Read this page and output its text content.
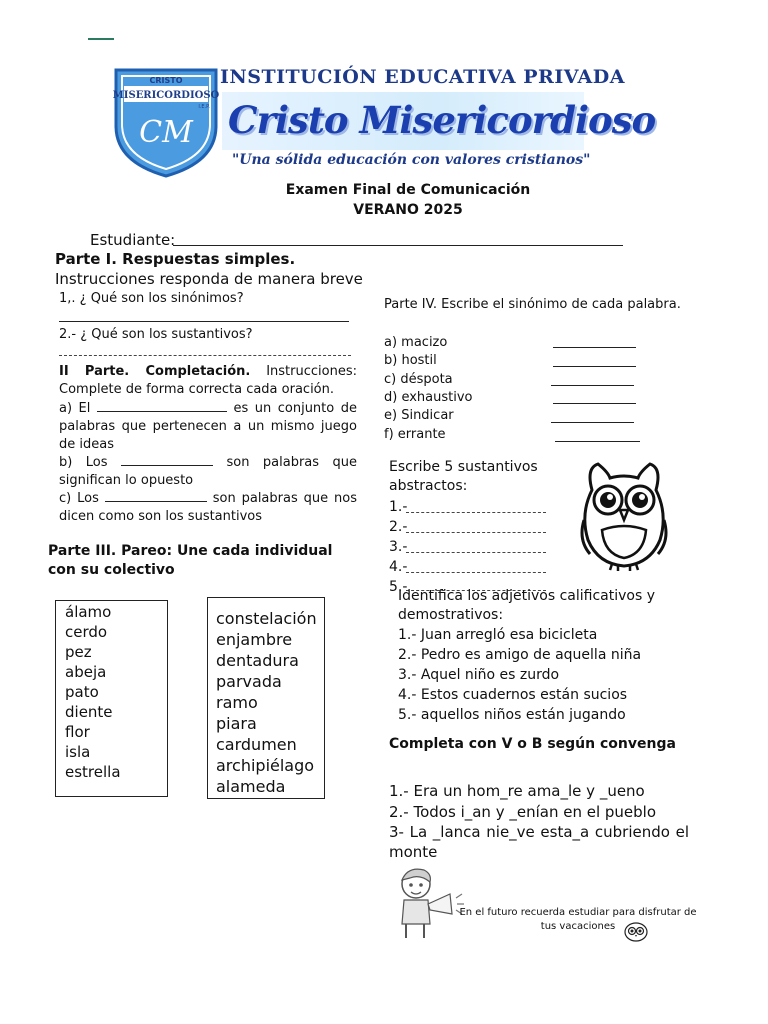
CRISTO
MISERICORDIOSO
I.E.P.
CM
INSTITUCIÓN EDUCATIVA PRIVADA
Cristo Misericordioso
"Una sólida educación con valores cristianos"
Examen Final de Comunicación
VERANO 2025
Estudiante:
Parte I. Respuestas simples. Instrucciones responda de manera breve
1,. ¿ Qué son los sinónimos?
2.- ¿ Qué son los sustantivos?
II Parte. Completación. Instrucciones: Complete de forma correcta cada oración.
a) El	es un conjunto de palabras que pertenecen a un mismo juego de ideas
b) Los	son palabras que significan lo opuesto
c) Los	son palabras que nos dicen como son los sustantivos
Parte III. Pareo: Une cada individual con su colectivo
álamo
cerdo
pez
abeja
pato
diente
flor
isla
estrella
constelación
enjambre
dentadura
parvada
ramo
piara
cardumen
archipiélago
alameda
Parte IV. Escribe el sinónimo de cada palabra.
a) macizo
b) hostil
c) déspota
d) exhaustivo
e) Sindicar
f) errante
Escribe 5 sustantivos abstractos:
1.-
2.-
3.-
4.-
5.-
Identifica los adjetivos calificativos y demostrativos:
1.- Juan arregló esa bicicleta
2.- Pedro es amigo de aquella niña
3.- Aquel niño es zurdo
4.- Estos cuadernos están sucios
5.- aquellos niños están jugando
Completa con V o B según convenga
1.- Era un hom_re ama_le y _ueno
2.- Todos i_an y _enían en el pueblo
3- La _lanca nie_ve esta_a cubriendo el monte
En el futuro recuerda estudiar para disfrutar de tus vacaciones
